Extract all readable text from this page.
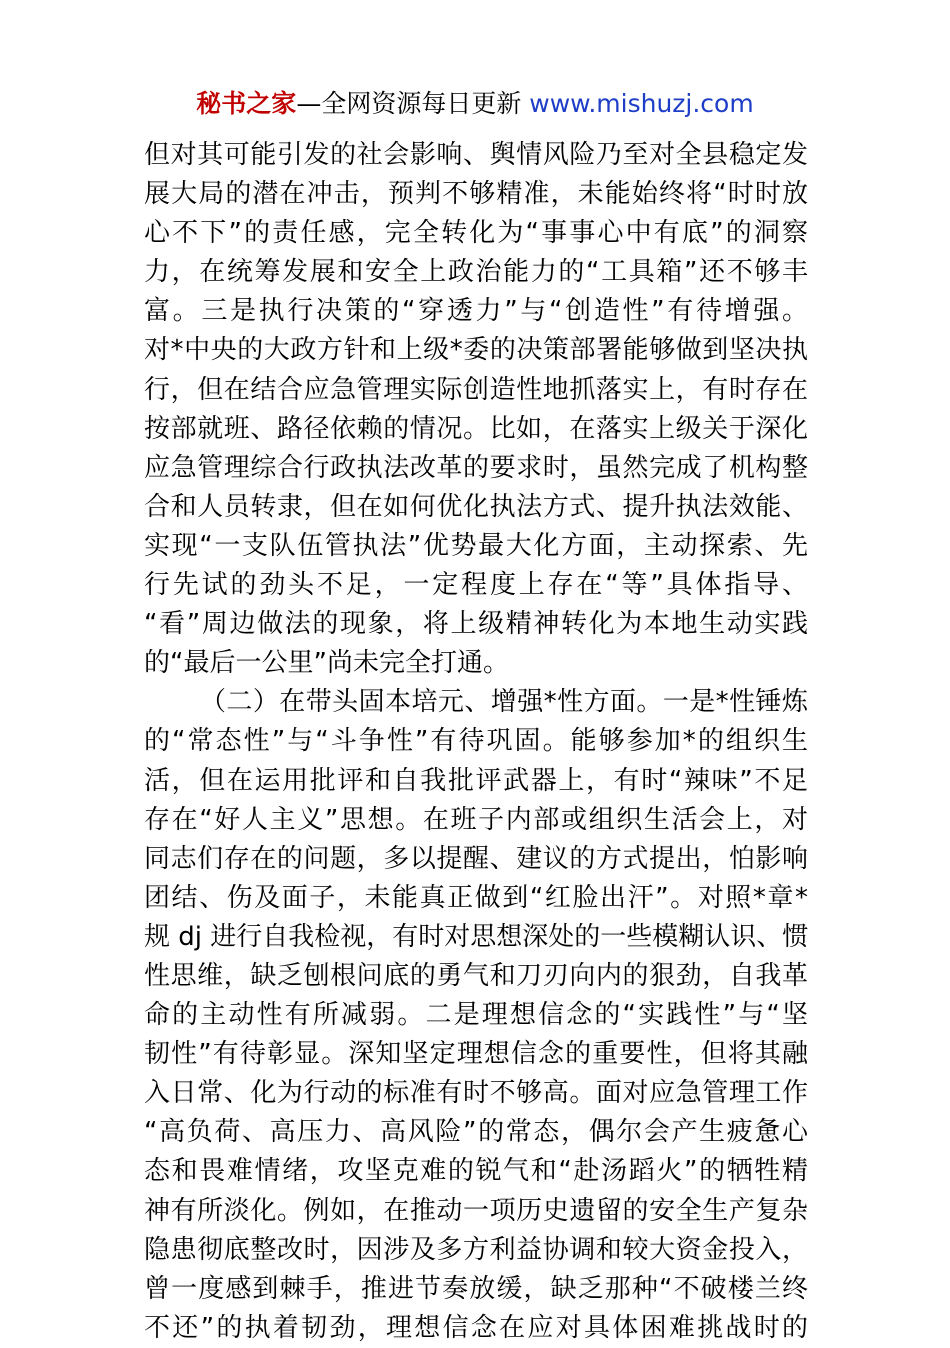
秘书之家—全网资源每日更新 www.mishuzj.com
但对其可能引发的社会影响、舆情风险乃至对全县稳定发
展大局的潜在冲击，预判不够精准，未能始终将“时时放
心不下”的责任感，完全转化为“事事心中有底”的洞察
力，在统筹发展和安全上政治能力的“工具箱”还不够丰
富。三是执行决策的“穿透力”与“创造性”有待增强。
对*中央的大政方针和上级*委的决策部署能够做到坚决执
行，但在结合应急管理实际创造性地抓落实上，有时存在
按部就班、路径依赖的情况。比如，在落实上级关于深化
应急管理综合行政执法改革的要求时，虽然完成了机构整
合和人员转隶，但在如何优化执法方式、提升执法效能、
实现“一支队伍管执法”优势最大化方面，主动探索、先
行先试的劲头不足，一定程度上存在“等”具体指导、
“看”周边做法的现象，将上级精神转化为本地生动实践
的“最后一公里”尚未完全打通。
（二）在带头固本培元、增强*性方面。一是*性锤炼
的“常态性”与“斗争性”有待巩固。能够参加*的组织生
活，但在运用批评和自我批评武器上，有时“辣味”不足
存在“好人主义”思想。在班子内部或组织生活会上，对
同志们存在的问题，多以提醒、建议的方式提出，怕影响
团结、伤及面子，未能真正做到“红脸出汗”。对照*章*
规 dj 进行自我检视，有时对思想深处的一些模糊认识、惯
性思维，缺乏刨根问底的勇气和刀刃向内的狠劲，自我革
命的主动性有所减弱。二是理想信念的“实践性”与“坚
韧性”有待彰显。深知坚定理想信念的重要性，但将其融
入日常、化为行动的标准有时不够高。面对应急管理工作
“高负荷、高压力、高风险”的常态，偶尔会产生疲惫心
态和畏难情绪，攻坚克难的锐气和“赴汤蹈火”的牺牲精
神有所淡化。例如，在推动一项历史遗留的安全生产复杂
隐患彻底整改时，因涉及多方利益协调和较大资金投入，
曾一度感到棘手，推进节奏放缓，缺乏那种“不破楼兰终
不还”的执着韧劲，理想信念在应对具体困难挑战时的
